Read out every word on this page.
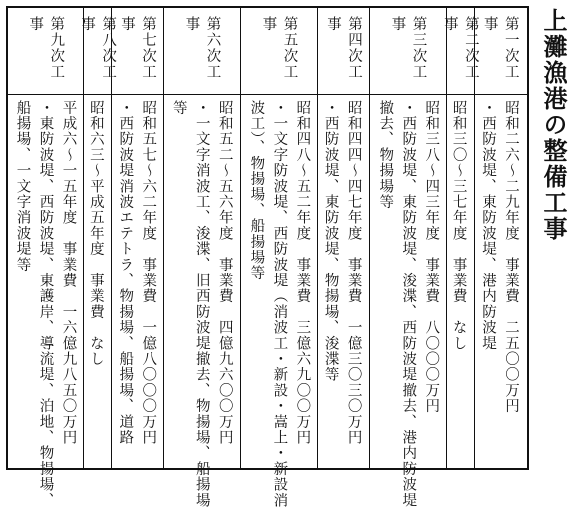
上灘漁港の整備工事
第一次工事

昭和二六～二九年度　事業費　二五〇〇万円

・西防波堤、東防波堤、港内防波堤

第二次工事

昭和三〇～三七年度　事業費　なし

第三次工事

昭和三八～四三年度　事業費　八〇〇〇万円

・西防波堤、東防波堤、浚渫、西防波堤撤去、港内防波堤

撤去、物揚場等

第四次工事

昭和四四～四七年度　事業費　一億三〇三〇万円

・西防波堤、東防波堤、物揚場、浚渫等

第五次工事

昭和四八～五二年度　事業費　三億六九〇〇万円

・一文字防波堤、西防波堤（消波工・新設・嵩上・新設消

波工）、物揚場、船揚場等

第六次工事

昭和五二～五六年度　事業費　四億九六〇〇万円

・一文字消波工、浚渫、旧西防波堤撤去、物揚場、船揚場

等

第七次工事

昭和五七～六二年度　事業費　一億八〇〇〇万円

・西防波堤消波エテトラ、物揚場、船揚場、道路

第八次工事

昭和六三～平成五年度　事業費　なし

第九次工事

平成六～一五年度　事業費　一六億九八五〇万円

・東防波堤、西防波堤、東護岸、導流堤、泊地、物揚場、

船揚場、一文字消波堤等
